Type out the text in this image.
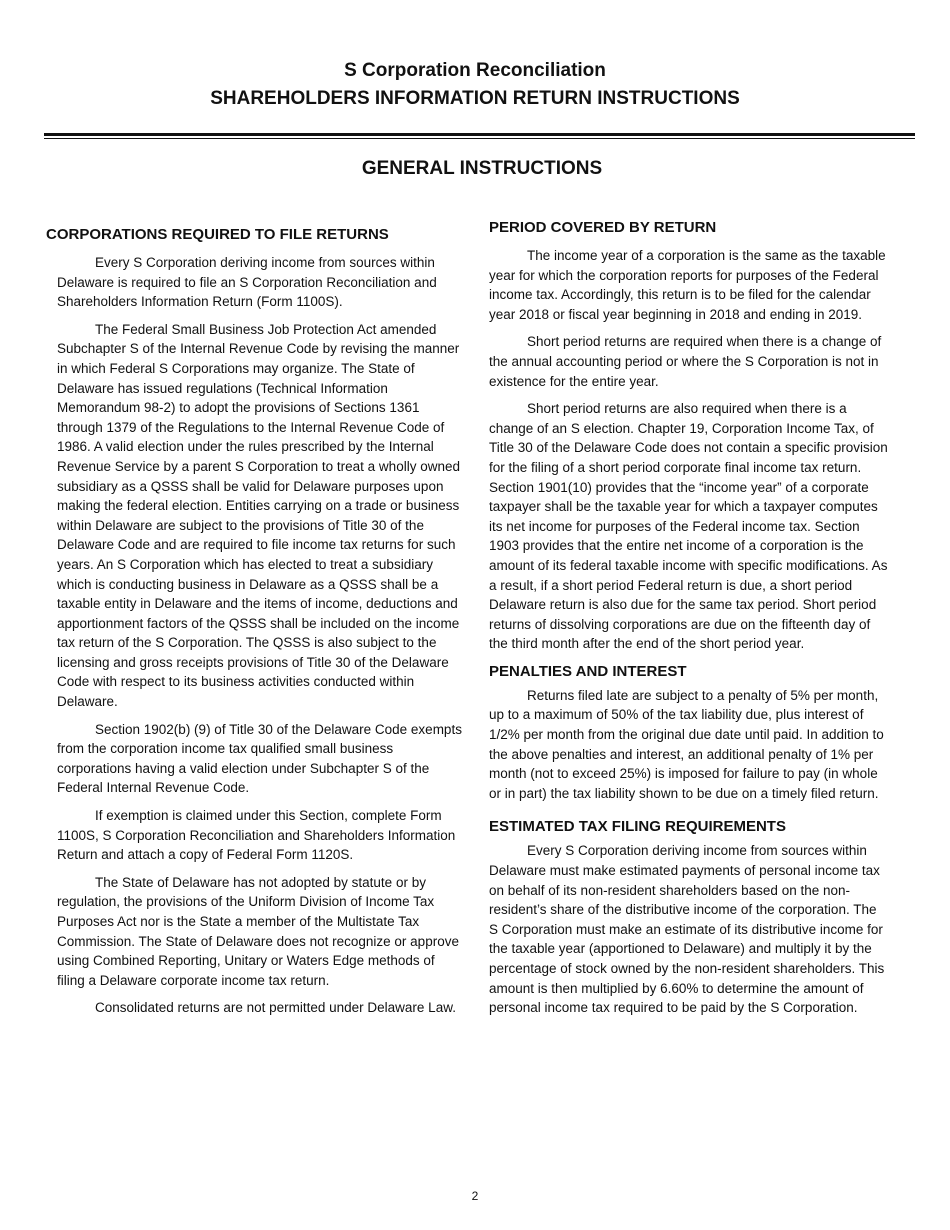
S Corporation Reconciliation
SHAREHOLDERS INFORMATION RETURN INSTRUCTIONS
GENERAL INSTRUCTIONS
CORPORATIONS REQUIRED TO FILE RETURNS

Every S Corporation deriving income from sources within Delaware is required to file an S Corporation Reconciliation and Shareholders Information Return (Form 1100S).

The Federal Small Business Job Protection Act amended Subchapter S of the Internal Revenue Code by revising the manner in which Federal S Corporations may organize. The State of Delaware has issued regulations (Technical Information Memorandum 98-2) to adopt the provisions of Sections 1361 through 1379 of the Regulations to the Internal Revenue Code of 1986. A valid election under the rules prescribed by the Internal Revenue Service by a parent S Corporation to treat a wholly owned subsidiary as a QSSS shall be valid for Delaware purposes upon making the federal election. Entities carrying on a trade or business within Delaware are subject to the provisions of Title 30 of the Delaware Code and are required to file income tax returns for such years. An S Corporation which has elected to treat a subsidiary which is conducting business in Delaware as a QSSS shall be a taxable entity in Delaware and the items of income, deductions and apportionment factors of the QSSS shall be included on the income tax return of the S Corporation. The QSSS is also subject to the licensing and gross receipts provisions of Title 30 of the Delaware Code with respect to its business activities conducted within Delaware.

Section 1902(b) (9) of Title 30 of the Delaware Code exempts from the corporation income tax qualified small business corporations having a valid election under Subchapter S of the Federal Internal Revenue Code.

If exemption is claimed under this Section, complete Form 1100S, S Corporation Reconciliation and Shareholders Information Return and attach a copy of Federal Form 1120S.

The State of Delaware has not adopted by statute or by regulation, the provisions of the Uniform Division of Income Tax Purposes Act nor is the State a member of the Multistate Tax Commission. The State of Delaware does not recognize or approve using Combined Reporting, Unitary or Waters Edge methods of filing a Delaware corporate income tax return.

Consolidated returns are not permitted under Delaware Law.

PERIOD COVERED BY RETURN

The income year of a corporation is the same as the taxable year for which the corporation reports for purposes of the Federal income tax. Accordingly, this return is to be filed for the calendar year 2018 or fiscal year beginning in 2018 and ending in 2019.

Short period returns are required when there is a change of the annual accounting period or where the S Corporation is not in existence for the entire year.

Short period returns are also required when there is a change of an S election. Chapter 19, Corporation Income Tax, of Title 30 of the Delaware Code does not contain a specific provision for the filing of a short period corporate final income tax return. Section 1901(10) provides that the “income year” of a corporate taxpayer shall be the taxable year for which a taxpayer computes its net income for purposes of the Federal income tax. Section 1903 provides that the entire net income of a corporation is the amount of its federal taxable income with specific modifications. As a result, if a short period Federal return is due, a short period Delaware return is also due for the same tax period. Short period returns of dissolving corporations are due on the fifteenth day of the third month after the end of the short period year.

PENALTIES AND INTEREST

Returns filed late are subject to a penalty of 5% per month, up to a maximum of 50% of the tax liability due, plus interest of 1/2% per month from the original due date until paid. In addition to the above penalties and interest, an additional penalty of 1% per month (not to exceed 25%) is imposed for failure to pay (in whole or in part) the tax liability shown to be due on a timely filed return.

ESTIMATED TAX FILING REQUIREMENTS

Every S Corporation deriving income from sources within Delaware must make estimated payments of personal income tax on behalf of its non-resident shareholders based on the non-resident’s share of the distributive income of the corporation. The S Corporation must make an estimate of its distributive income for the taxable year (apportioned to Delaware) and multiply it by the percentage of stock owned by the non-resident shareholders. This amount is then multiplied by 6.60% to determine the amount of personal income tax required to be paid by the S Corporation.

2
